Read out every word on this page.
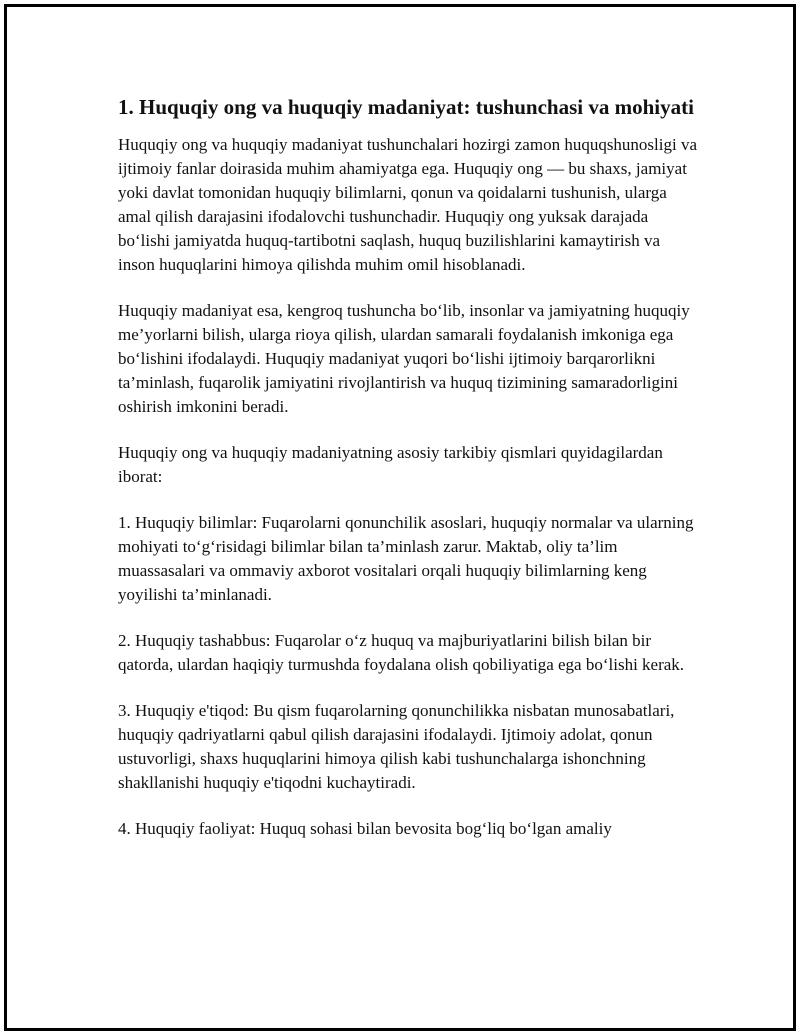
1. Huquqiy ong va huquqiy madaniyat: tushunchasi va mohiyati

Huquqiy ong va huquqiy madaniyat tushunchalari hozirgi zamon huquqshunosligi va ijtimoiy fanlar doirasida muhim ahamiyatga ega. Huquqiy ong — bu shaxs, jamiyat yoki davlat tomonidan huquqiy bilimlarni, qonun va qoidalarni tushunish, ularga amal qilish darajasini ifodalovchi tushunchadir. Huquqiy ong yuksak darajada bo‘lishi jamiyatda huquq-tartibotni saqlash, huquq buzilishlarini kamaytirish va inson huquqlarini himoya qilishda muhim omil hisoblanadi.

Huquqiy madaniyat esa, kengroq tushuncha bo‘lib, insonlar va jamiyatning huquqiy me’yorlarni bilish, ularga rioya qilish, ulardan samarali foydalanish imkoniga ega bo‘lishini ifodalaydi. Huquqiy madaniyat yuqori bo‘lishi ijtimoiy barqarorlikni ta’minlash, fuqarolik jamiyatini rivojlantirish va huquq tizimining samaradorligini oshirish imkonini beradi.

Huquqiy ong va huquqiy madaniyatning asosiy tarkibiy qismlari quyidagilardan iborat:

1. Huquqiy bilimlar: Fuqarolarni qonunchilik asoslari, huquqiy normalar va ularning mohiyati to‘g‘risidagi bilimlar bilan ta’minlash zarur. Maktab, oliy ta’lim muassasalari va ommaviy axborot vositalari orqali huquqiy bilimlarning keng yoyilishi ta’minlanadi.

2. Huquqiy tashabbus: Fuqarolar o‘z huquq va majburiyatlarini bilish bilan bir qatorda, ulardan haqiqiy turmushda foydalana olish qobiliyatiga ega bo‘lishi kerak.

3. Huquqiy e'tiqod: Bu qism fuqarolarning qonunchilikka nisbatan munosabatlari, huquqiy qadriyatlarni qabul qilish darajasini ifodalaydi. Ijtimoiy adolat, qonun ustuvorligi, shaxs huquqlarini himoya qilish kabi tushunchalarga ishonchning shakllanishi huquqiy e'tiqodni kuchaytiradi.

4. Huquqiy faoliyat: Huquq sohasi bilan bevosita bog‘liq bo‘lgan amaliy
